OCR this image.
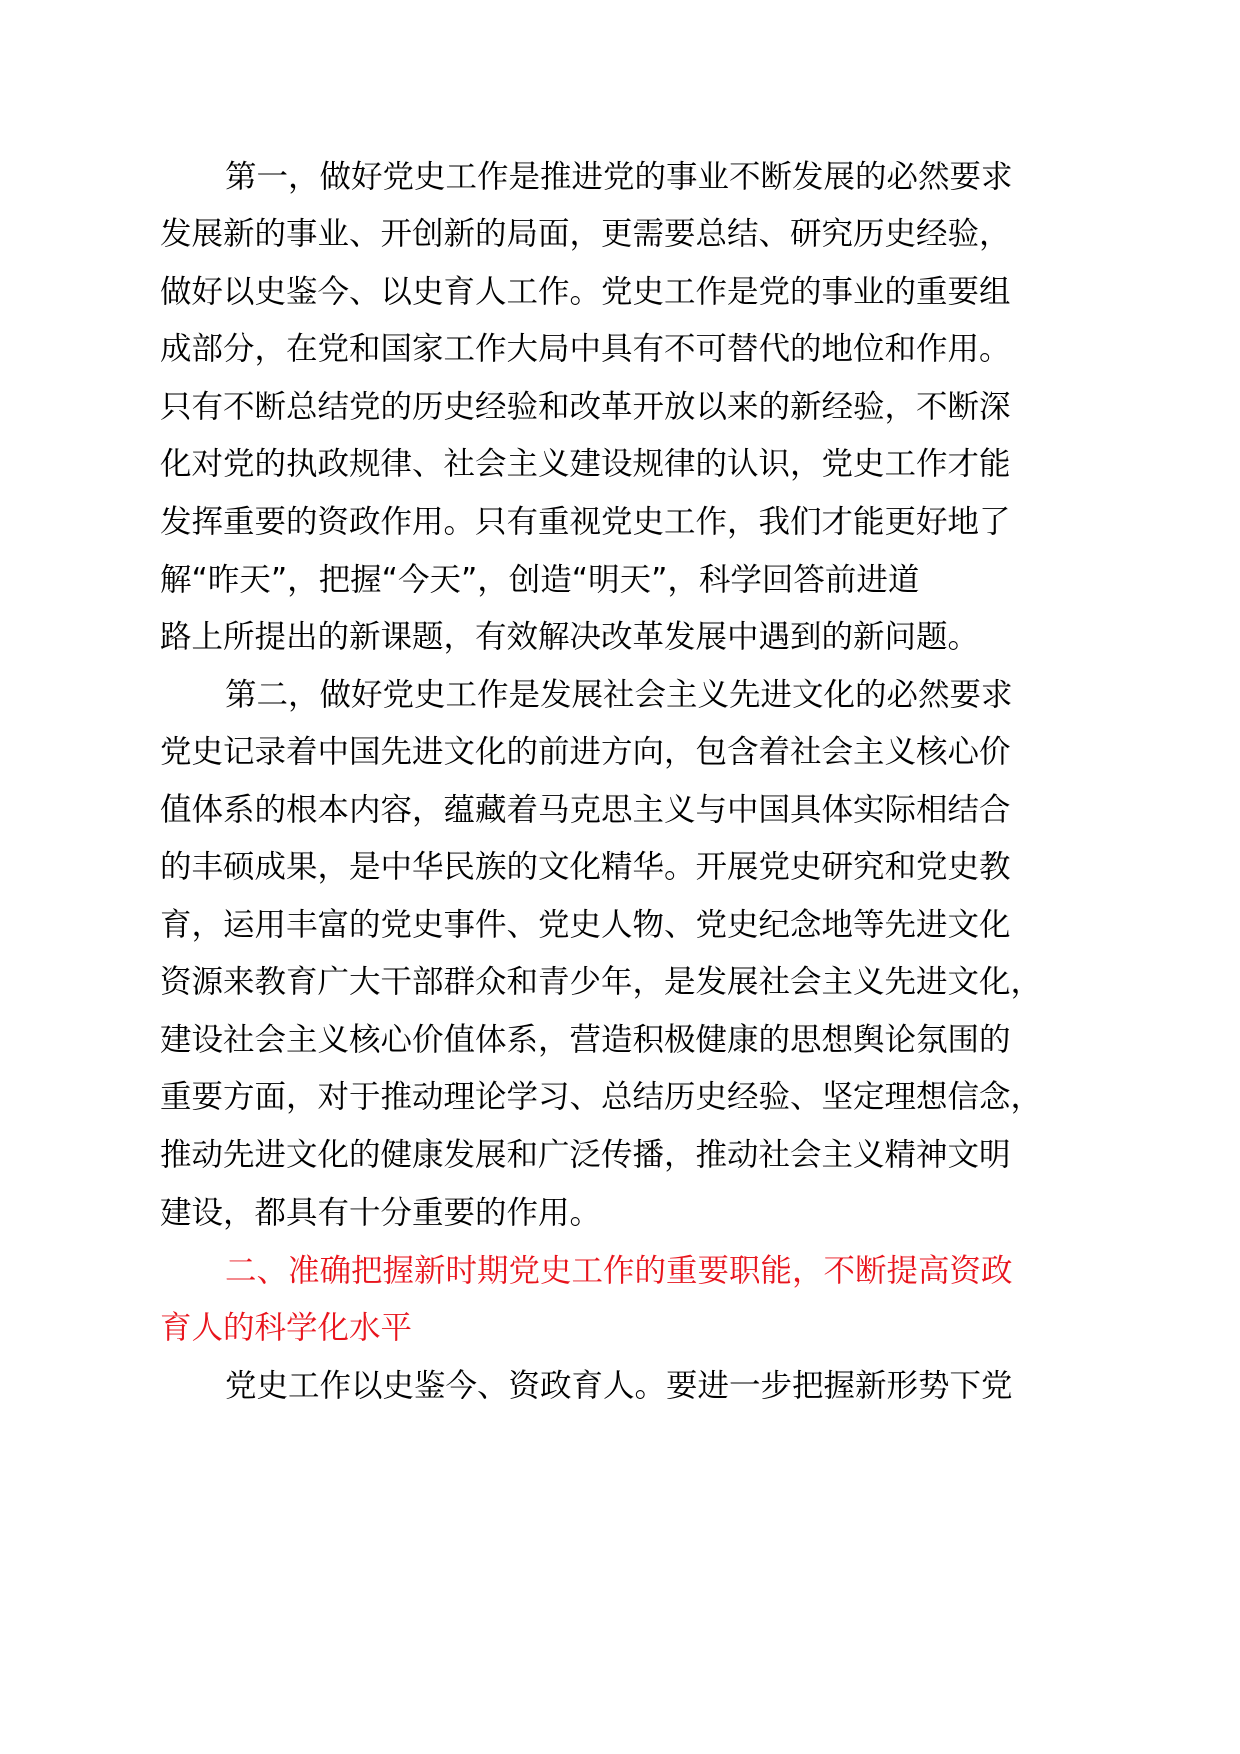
第一，做好党史工作是推进党的事业不断发展的必然要求
发展新的事业、开创新的局面，更需要总结、研究历史经验，
做好以史鉴今、以史育人工作。党史工作是党的事业的重要组
成部分，在党和国家工作大局中具有不可替代的地位和作用。
只有不断总结党的历史经验和改革开放以来的新经验，不断深
化对党的执政规律、社会主义建设规律的认识，党史工作才能
发挥重要的资政作用。只有重视党史工作，我们才能更好地了
解“昨天”，把握“今天”，创造“明天”，科学回答前进道
路上所提出的新课题，有效解决改革发展中遇到的新问题。
第二，做好党史工作是发展社会主义先进文化的必然要求
党史记录着中国先进文化的前进方向，包含着社会主义核心价
值体系的根本内容，蕴藏着马克思主义与中国具体实际相结合
的丰硕成果，是中华民族的文化精华。开展党史研究和党史教
育，运用丰富的党史事件、党史人物、党史纪念地等先进文化
资源来教育广大干部群众和青少年，是发展社会主义先进文化，
建设社会主义核心价值体系，营造积极健康的思想舆论氛围的
重要方面，对于推动理论学习、总结历史经验、坚定理想信念，
推动先进文化的健康发展和广泛传播，推动社会主义精神文明
建设，都具有十分重要的作用。
二、准确把握新时期党史工作的重要职能，不断提高资政
育人的科学化水平
党史工作以史鉴今、资政育人。要进一步把握新形势下党
